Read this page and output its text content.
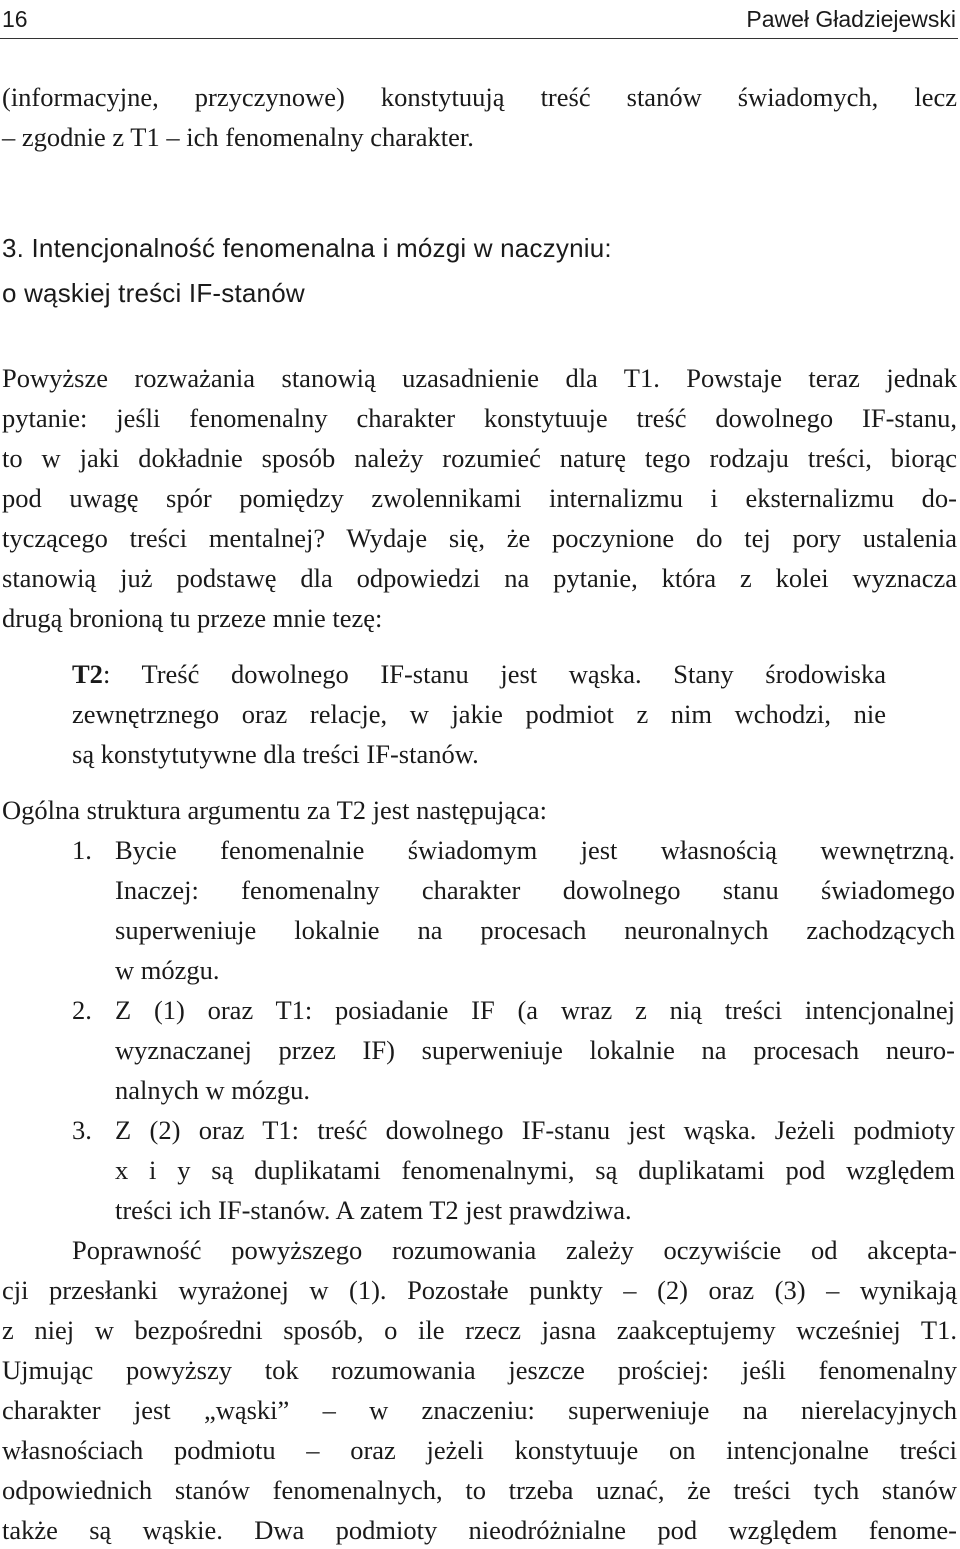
16	Paweł Gładziejewski
(informacyjne, przyczynowe) konstytuują treść stanów świadomych, lecz
– zgodnie z T1 – ich fenomenalny charakter.
3. Intencjonalność fenomenalna i mózgi w naczyniu:
o wąskiej treści IF-stanów
Powyższe rozważania stanowią uzasadnienie dla T1. Powstaje teraz jednak
pytanie: jeśli fenomenalny charakter konstytuuje treść dowolnego IF-stanu,
to w jaki dokładnie sposób należy rozumieć naturę tego rodzaju treści, biorąc
pod uwagę spór pomiędzy zwolennikami internalizmu i eksternalizmu do-
tyczącego treści mentalnej? Wydaje się, że poczynione do tej pory ustalenia
stanowią już podstawę dla odpowiedzi na pytanie, która z kolei wyznacza
drugą bronioną tu przeze mnie tezę:
T2: Treść dowolnego IF-stanu jest wąska. Stany środowiska
zewnętrznego oraz relacje, w jakie podmiot z nim wchodzi, nie
są konstytutywne dla treści IF-stanów.
Ogólna struktura argumentu za T2 jest następująca:
1. Bycie fenomenalnie świadomym jest własnością wewnętrzną.
Inaczej: fenomenalny charakter dowolnego stanu świadomego
superweniuje lokalnie na procesach neuronalnych zachodzących
w mózgu.
2. Z (1) oraz T1: posiadanie IF (a wraz z nią treści intencjonalnej
wyznaczanej przez IF) superweniuje lokalnie na procesach neuro-
nalnych w mózgu.
3. Z (2) oraz T1: treść dowolnego IF-stanu jest wąska. Jeżeli podmioty
x i y są duplikatami fenomenalnymi, są duplikatami pod względem
treści ich IF-stanów. A zatem T2 jest prawdziwa.
Poprawność powyższego rozumowania zależy oczywiście od akcepta-
cji przesłanki wyrażonej w (1). Pozostałe punkty – (2) oraz (3) – wynikają
z niej w bezpośredni sposób, o ile rzecz jasna zaakceptujemy wcześniej T1.
Ujmując powyższy tok rozumowania jeszcze prościej: jeśli fenomenalny
charakter jest „wąski” – w znaczeniu: superweniuje na nierelacyjnych
własnościach podmiotu – oraz jeżeli konstytuuje on intencjonalne treści
odpowiednich stanów fenomenalnych, to trzeba uznać, że treści tych stanów
także są wąskie. Dwa podmioty nieodróżnialne pod względem fenome-
